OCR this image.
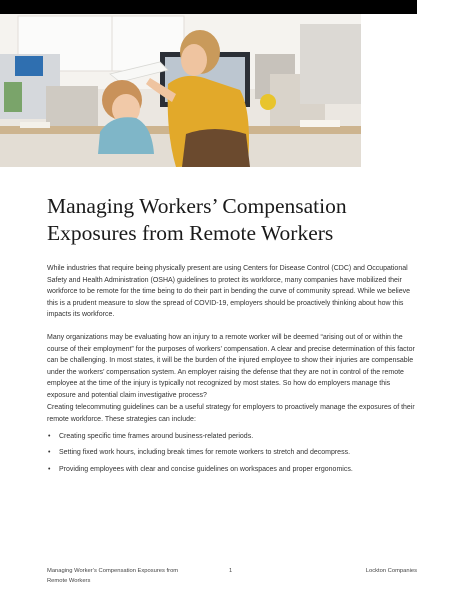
Managing Workers’ Compensation Exposures from Remote Workers

While industries that require being physically present are using Centers for Disease Control (CDC) and Occupational Safety and Health Administration (OSHA) guidelines to protect its workforce, many companies have mobilized their workforce to be remote for the time being to do their part in bending the curve of community spread. While we believe this is a prudent measure to slow the spread of COVID-19, employers should be proactively thinking about how this impacts its workforce.

Many organizations may be evaluating how an injury to a remote worker will be deemed “arising out of or within the course of their employment” for the purposes of workers’ compensation. A clear and precise determination of this factor can be challenging. In most states, it will be the burden of the injured employee to show their injuries are compensable under the workers’ compensation system. An employer raising the defense that they are not in control of the remote employee at the time of the injury is typically not recognized by most states. So how do employers manage this exposure and potential claim investigative process?

Creating telecommuting guidelines can be a useful strategy for employers to proactively manage the exposures of their remote workforce. These strategies can include:

• Creating specific time frames around business-related periods.
• Setting fixed work hours, including break times for remote workers to stretch and decompress.
• Providing employees with clear and concise guidelines on workspaces and proper ergonomics.
Managing Worker’s Compensation Exposures from Remote Workers
1	Lockton Companies
